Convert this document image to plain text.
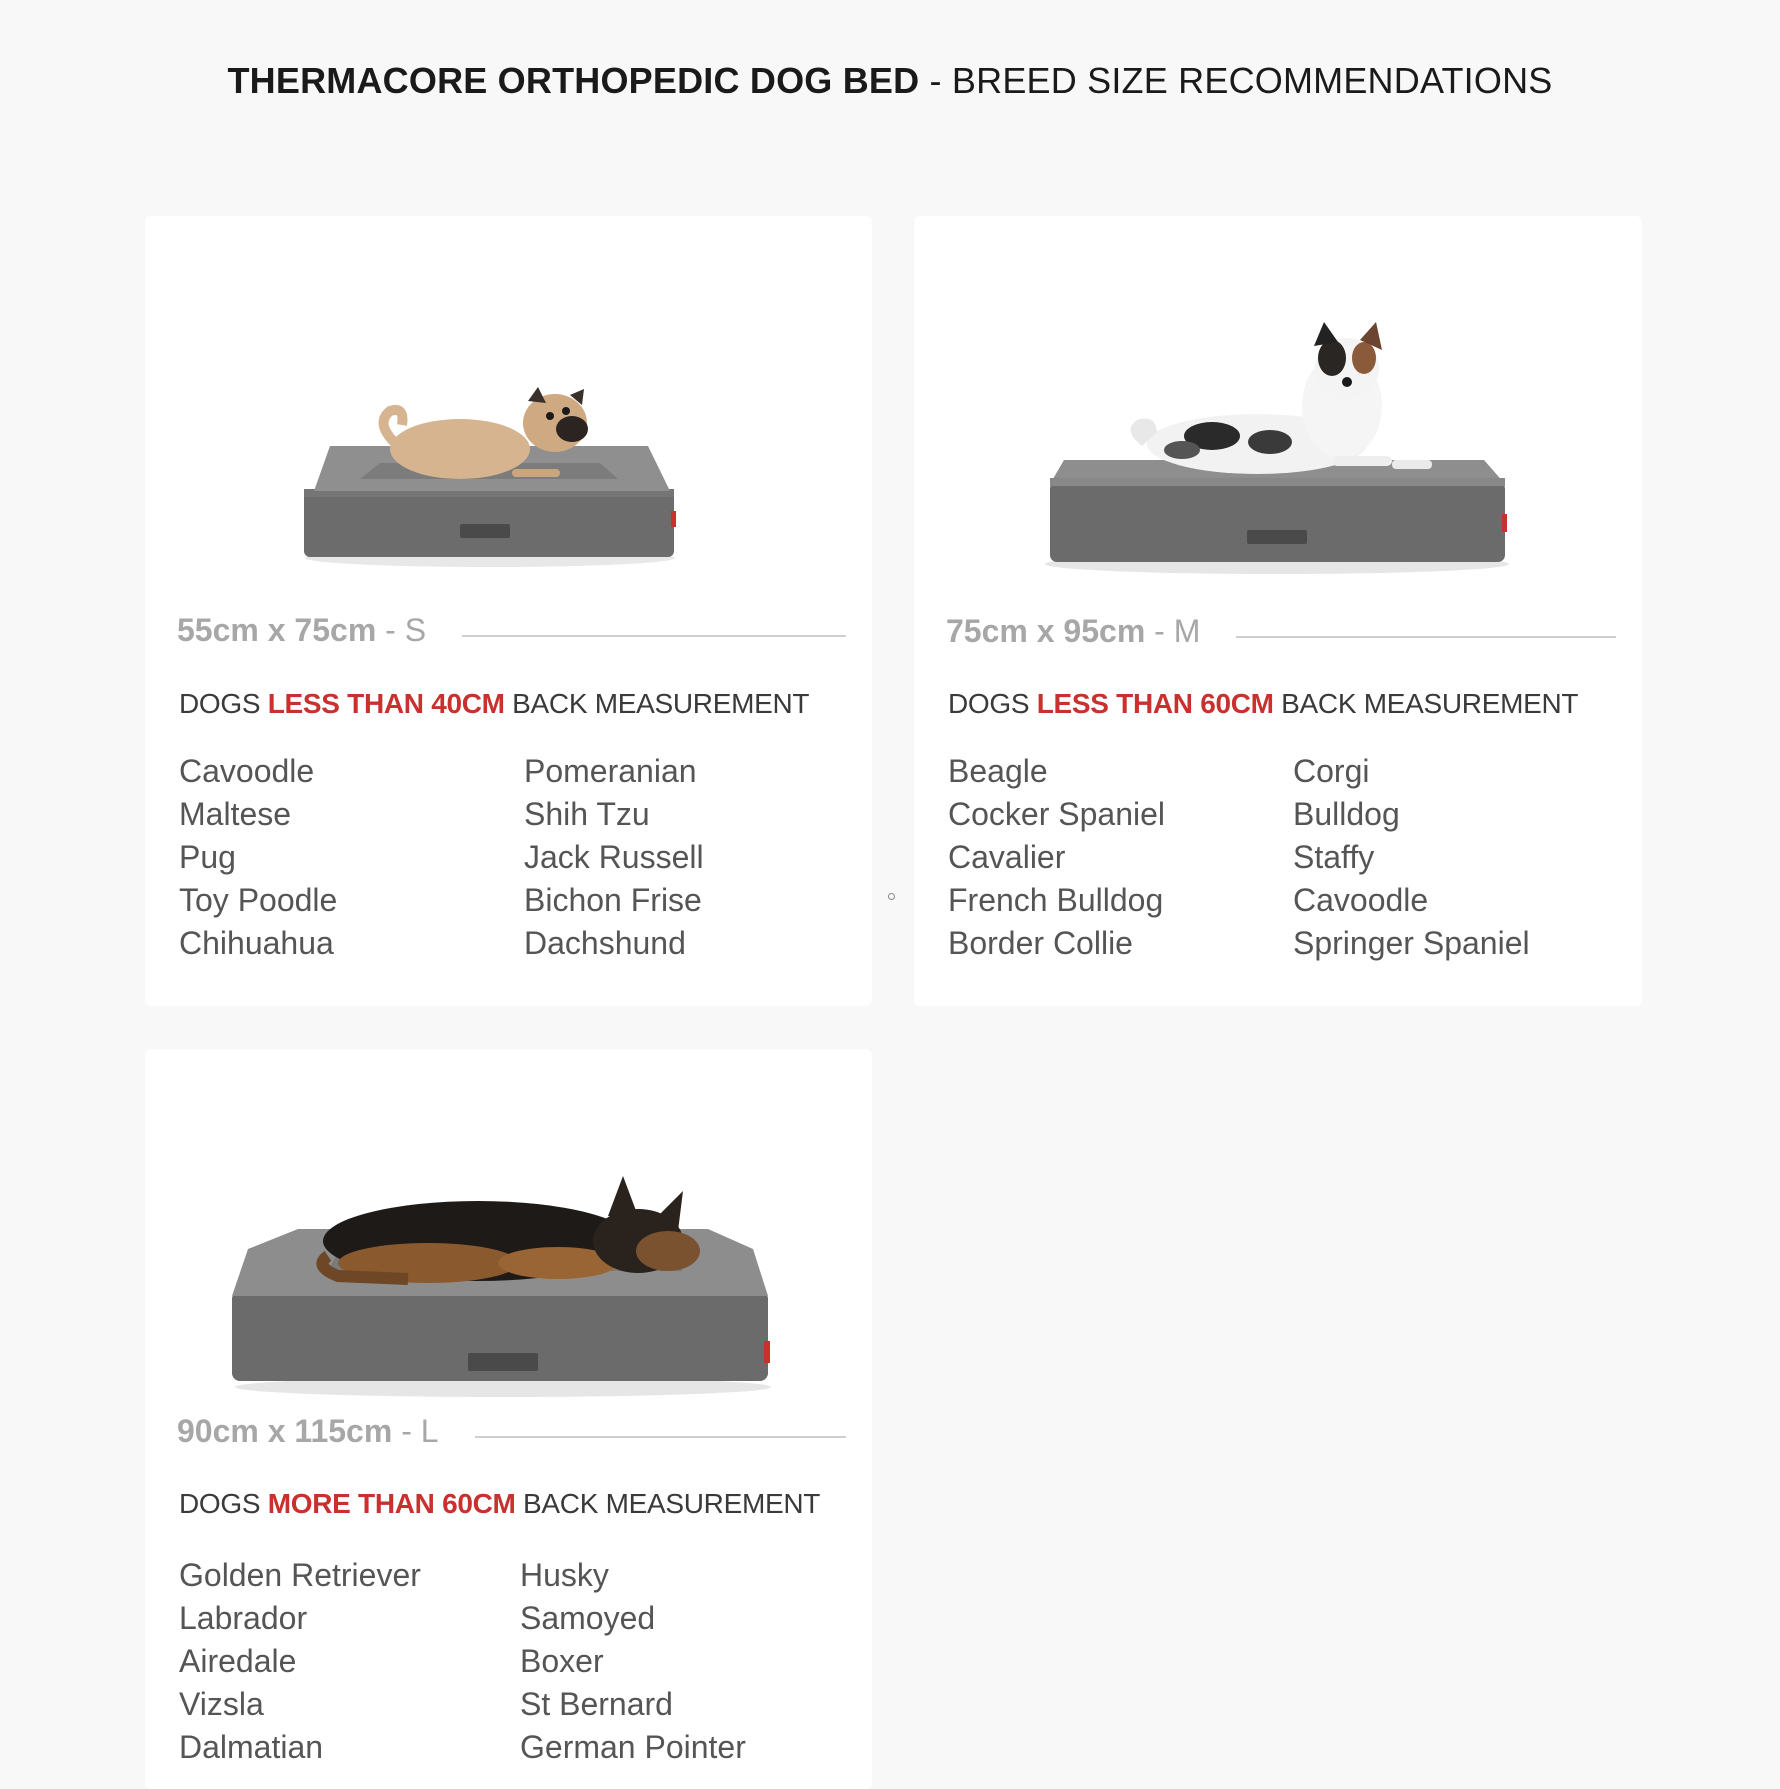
THERMACORE ORTHOPEDIC DOG BED - BREED SIZE RECOMMENDATIONS
55cm x 75cm - S
DOGS LESS THAN 40CM BACK MEASUREMENT
Cavoodle	Pomeranian
Maltese	Shih Tzu
Pug	Jack Russell
Toy Poodle	Bichon Frise
Chihuahua	Dachshund
75cm x 95cm - M
DOGS LESS THAN 60CM BACK MEASUREMENT
Beagle	Corgi
Cocker Spaniel	Bulldog
Cavalier	Staffy
French Bulldog	Cavoodle
Border Collie	Springer Spaniel
90cm x 115cm - L
DOGS MORE THAN 60CM BACK MEASUREMENT
Golden Retriever	Husky
Labrador	Samoyed
Airedale	Boxer
Vizsla	St Bernard
Dalmatian	German Pointer
